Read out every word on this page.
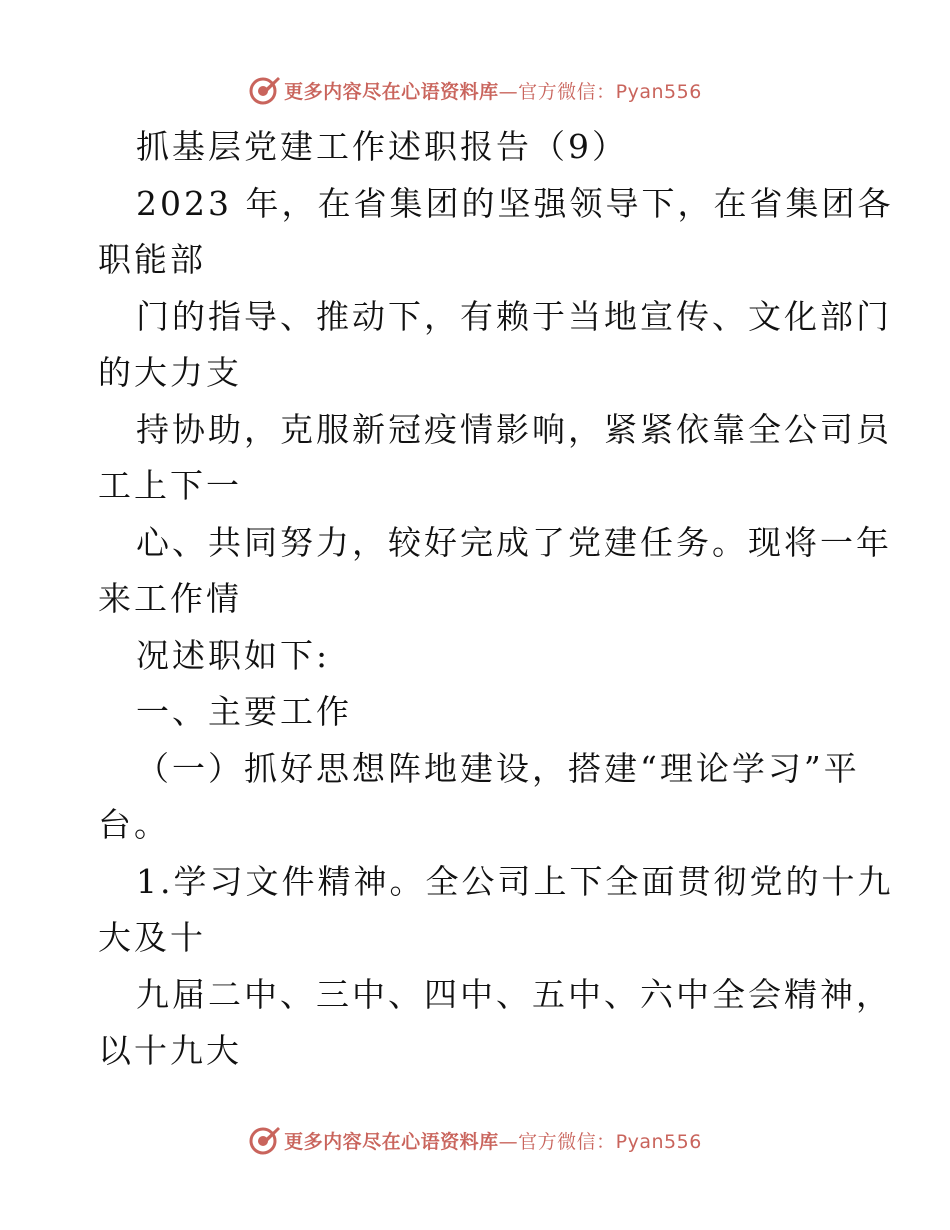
更多内容尽在心语资料库—官方微信：Pyan556
抓基层党建工作述职报告（9）
2023 年，在省集团的坚强领导下，在省集团各
职能部
门的指导、推动下，有赖于当地宣传、文化部门
的大力支
持协助，克服新冠疫情影响，紧紧依靠全公司员
工上下一
心、共同努力，较好完成了党建任务。现将一年
来工作情
况述职如下:
一、主要工作
（一）抓好思想阵地建设，搭建“理论学习”平
台。
1.学习文件精神。全公司上下全面贯彻党的十九
大及十
九届二中、三中、四中、五中、六中全会精神，
以十九大
更多内容尽在心语资料库—官方微信：Pyan556
